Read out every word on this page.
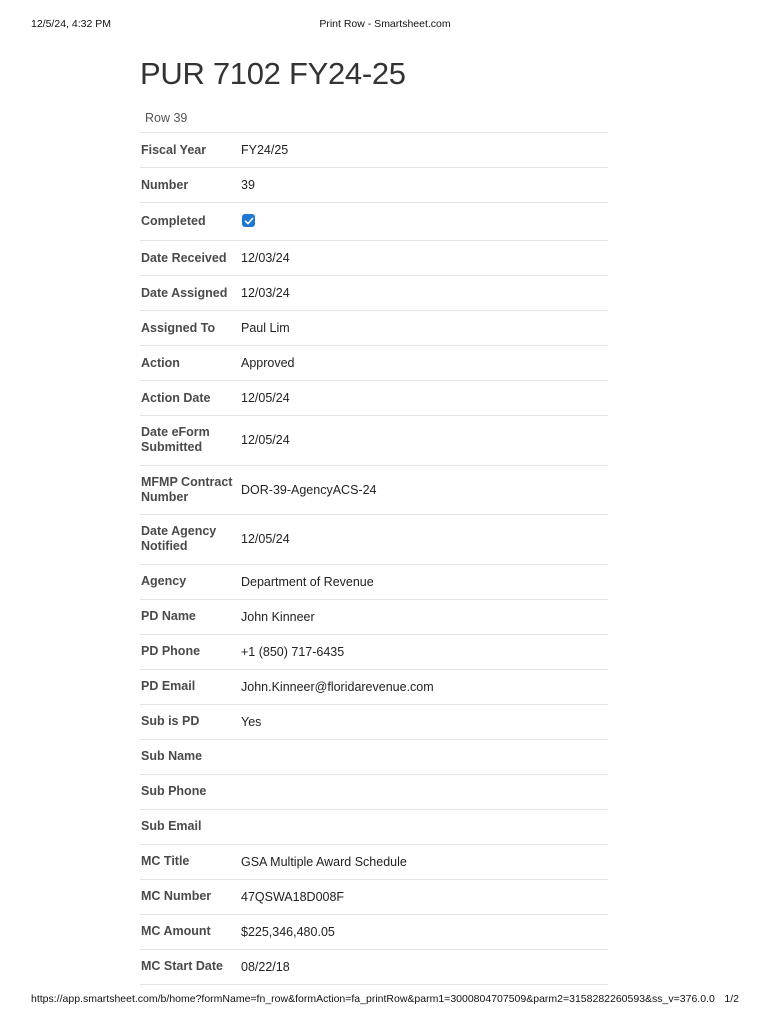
12/5/24, 4:32 PM	Print Row - Smartsheet.com
PUR 7102 FY24-25
Row 39
Fiscal Year	FY24/25
Number	39
Completed
Date Received	12/03/24
Date Assigned	12/03/24
Assigned To	Paul Lim
Action	Approved
Action Date	12/05/24
Date eForm Submitted	12/05/24
MFMP Contract Number	DOR-39-AgencyACS-24
Date Agency Notified	12/05/24
Agency	Department of Revenue
PD Name	John Kinneer
PD Phone	+1 (850) 717-6435
PD Email	John.Kinneer@floridarevenue.com
Sub is PD	Yes
Sub Name
Sub Phone
Sub Email
MC Title	GSA Multiple Award Schedule
MC Number	47QSWA18D008F
MC Amount	$225,346,480.05
MC Start Date	08/22/18
https://app.smartsheet.com/b/home?formName=fn_row&formAction=fa_printRow&parm1=3000804707509&parm2=3158282260593&ss_v=376.0.0 1/2
